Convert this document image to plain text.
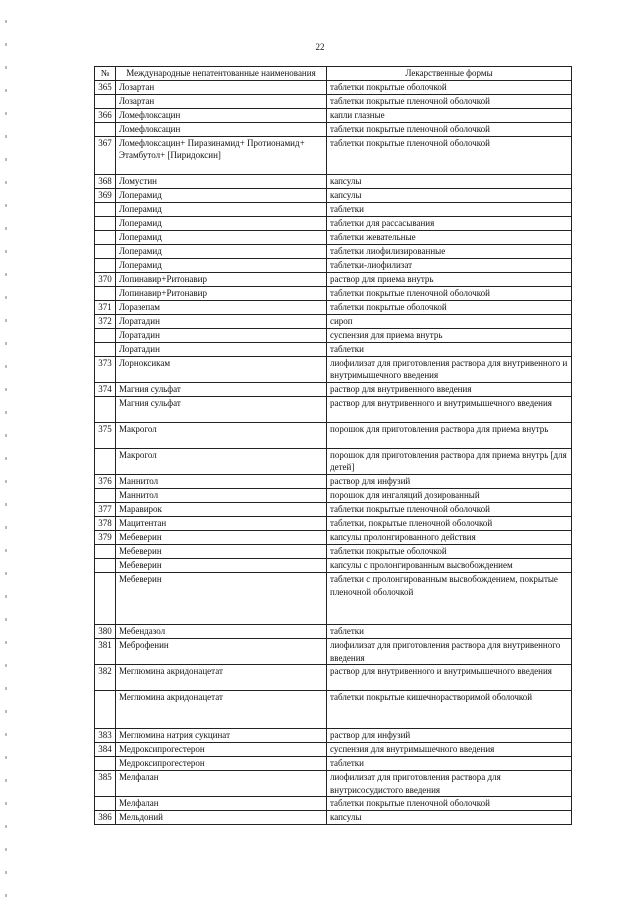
22
№	Международные непатентованные наименования	Лекарственные формы
365	Лозартан	таблетки покрытые оболочкой
	Лозартан	таблетки покрытые пленочной оболочкой
366	Ломефлоксацин	капли глазные
	Ломефлоксацин	таблетки покрытые пленочной оболочкой
367	Ломефлоксацин+ Пиразинамид+ Протионамид+ Этамбутол+ [Пиридоксин]	таблетки покрытые пленочной оболочкой
368	Ломустин	капсулы
369	Лоперамид	капсулы
	Лоперамид	таблетки
	Лоперамид	таблетки для рассасывания
	Лоперамид	таблетки жевательные
	Лоперамид	таблетки лиофилизированные
	Лоперамид	таблетки-лиофилизат
370	Лопинавир+Ритонавир	раствор для приема внутрь
	Лопинавир+Ритонавир	таблетки покрытые пленочной оболочкой
371	Лоразепам	таблетки покрытые оболочкой
372	Лоратадин	сироп
	Лоратадин	суспензия для приема внутрь
	Лоратадин	таблетки
373	Лорноксикам	лиофилизат для приготовления раствора для внутривенного и внутримышечного введения
374	Магния сульфат	раствор для внутривенного введения
	Магния сульфат	раствор для внутривенного и внутримышечного введения
375	Макрогол	порошок для приготовления раствора для приема внутрь
	Макрогол	порошок для приготовления раствора для приема внутрь [для детей]
376	Маннитол	раствор для инфузий
	Маннитол	порошок для ингаляций дозированный
377	Маравирок	таблетки покрытые пленочной оболочкой
378	Мацитентан	таблетки, покрытые пленочной оболочкой
379	Мебеверин	капсулы пролонгированного действия
	Мебеверин	таблетки покрытые оболочкой
	Мебеверин	капсулы с пролонгированным высвобождением
	Мебеверин	таблетки с пролонгированным высвобождением, покрытые пленочной оболочкой
380	Мебендазол	таблетки
381	Меброфенин	лиофилизат для приготовления раствора для внутривенного введения
382	Меглюмина акридонацетат	раствор для внутривенного и внутримышечного введения
	Меглюмина акридонацетат	таблетки покрытые кишечнорастворимой оболочкой
383	Меглюмина натрия сукцинат	раствор для инфузий
384	Медроксипрогестерон	суспензия для внутримышечного введения
	Медроксипрогестерон	таблетки
385	Мелфалан	лиофилизат для приготовления раствора для внутрисосудистого введения
	Мелфалан	таблетки покрытые пленочной оболочкой
386	Мельдоний	капсулы
